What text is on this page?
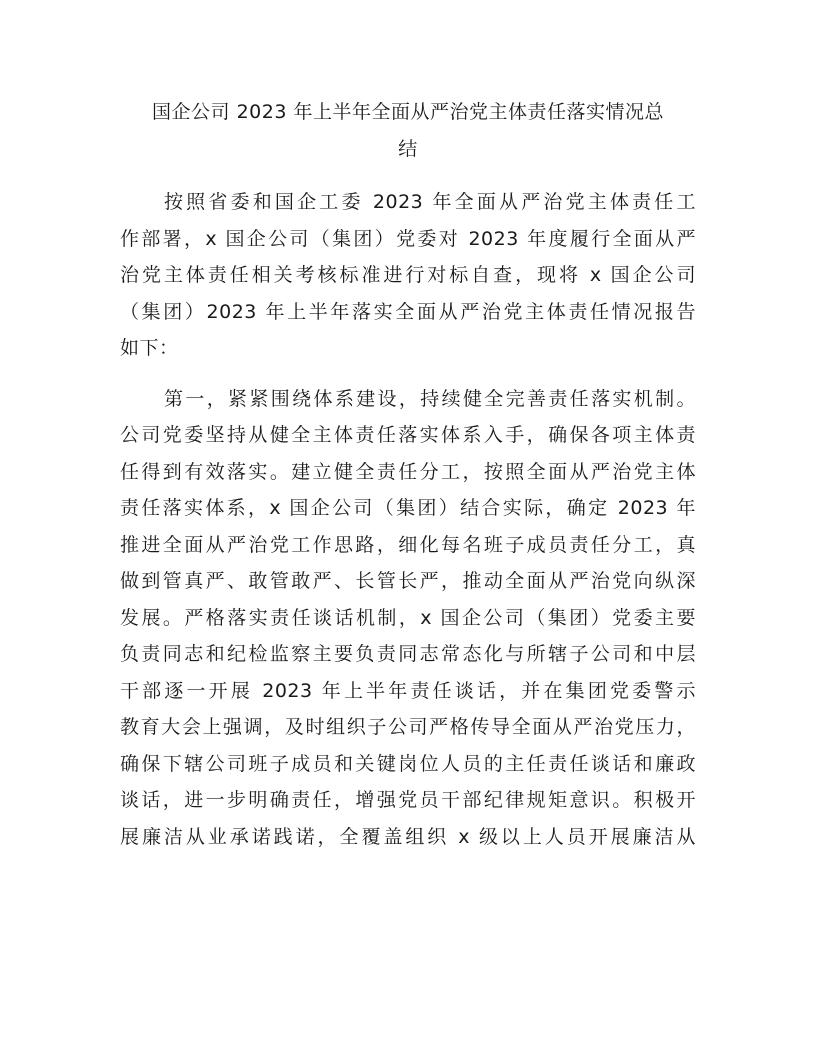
国企公司 2023 年上半年全面从严治党主体责任落实情况总
结
按照省委和国企工委 2023 年全面从严治党主体责任工
作部署，x 国企公司（集团）党委对 2023 年度履行全面从严
治党主体责任相关考核标准进行对标自查，现将 x 国企公司
（集团）2023 年上半年落实全面从严治党主体责任情况报告
如下：
第一，紧紧围绕体系建设，持续健全完善责任落实机制。
公司党委坚持从健全主体责任落实体系入手，确保各项主体责
任得到有效落实。建立健全责任分工，按照全面从严治党主体
责任落实体系，x 国企公司（集团）结合实际，确定 2023 年
推进全面从严治党工作思路，细化每名班子成员责任分工，真
做到管真严、敢管敢严、长管长严，推动全面从严治党向纵深
发展。严格落实责任谈话机制，x 国企公司（集团）党委主要
负责同志和纪检监察主要负责同志常态化与所辖子公司和中层
干部逐一开展 2023 年上半年责任谈话，并在集团党委警示
教育大会上强调，及时组织子公司严格传导全面从严治党压力，
确保下辖公司班子成员和关键岗位人员的主任责任谈话和廉政
谈话，进一步明确责任，增强党员干部纪律规矩意识。积极开
展廉洁从业承诺践诺，全覆盖组织 x 级以上人员开展廉洁从
